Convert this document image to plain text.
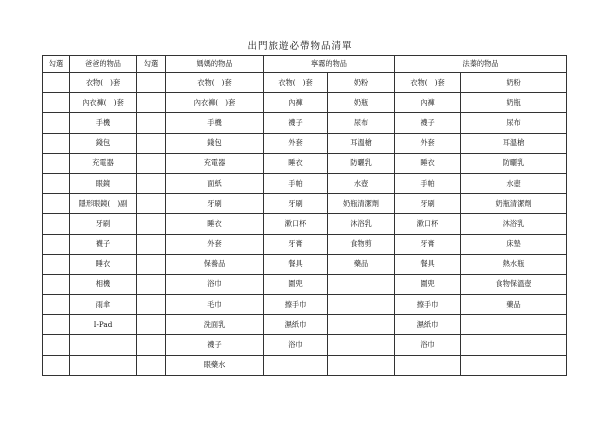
出門旅遊必帶物品清單
勾選	爸爸的物品	勾選	媽媽的物品	寧霧的物品		法蓁的物品	
	衣物(　)套		衣物(　)套	衣物(　)套	奶粉	衣物(　)套	奶粉
	內衣褲(　)套		內衣褲(　)套	內褲	奶瓶	內褲	奶瓶
	手機		手機	襪子	尿布	襪子	尿布
	錢包		錢包	外套	耳溫槍	外套	耳溫槍
	充電器		充電器	睡衣	防曬乳	睡衣	防曬乳
	眼鏡		面紙	手帕	水壺	手帕	水壺
	隱形眼鏡(　)副		牙刷	牙刷	奶瓶清潔劑	牙刷	奶瓶清潔劑
	牙刷		睡衣	漱口杯	沐浴乳	漱口杯	沐浴乳
	襪子		外套	牙膏	食物剪	牙膏	床墊
	睡衣		保養品	餐具	藥品	餐具	熱水瓶
	相機		浴巾	圍兜		圍兜	食物保溫壺
	雨傘		毛巾	擦手巾		擦手巾	藥品
	I-Pad		洗面乳	濕紙巾		濕紙巾	
			襪子	浴巾		浴巾	
			眼藥水				
